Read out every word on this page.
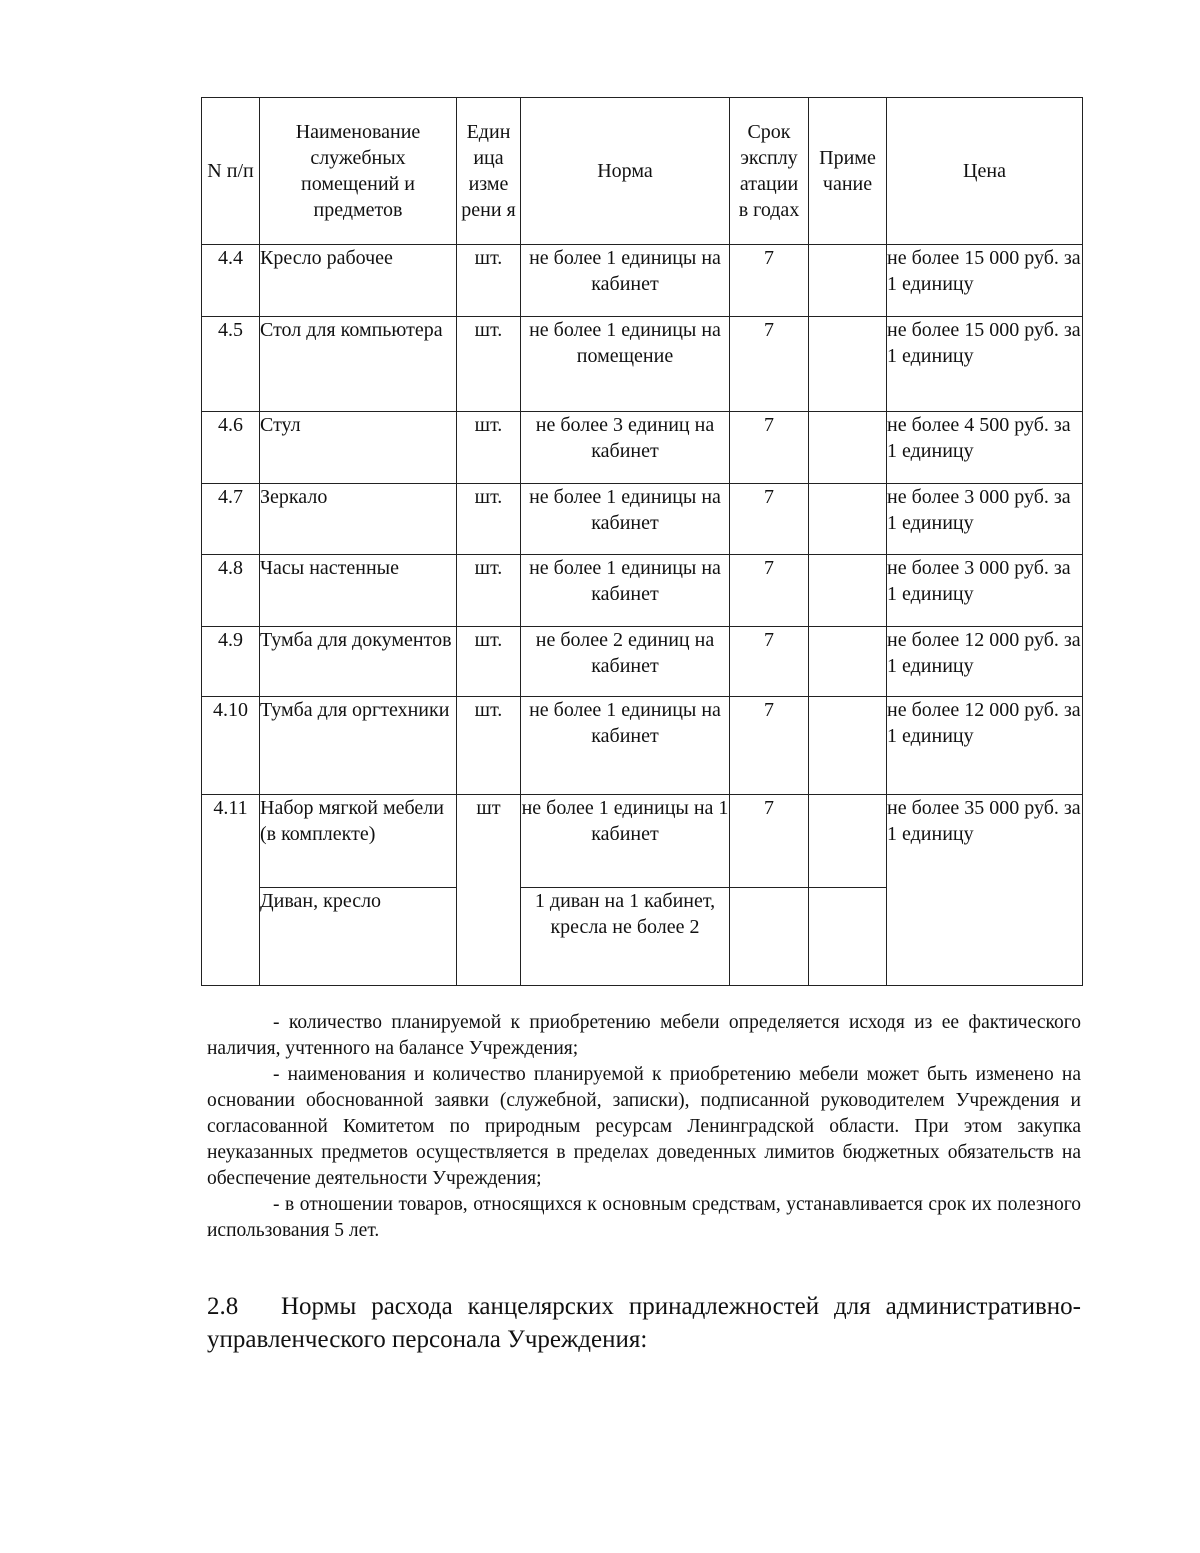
N п/п	Наименование служебных помещений и предметов	Един ица изме рени я	Норма	Срок эксплу атации в годах	Приме чание	Цена
4.4	Кресло рабочее	шт.	не более 1 единицы на кабинет	7		не более 15 000 руб. за 1 единицу
4.5	Стол для компьютера	шт.	не более 1 единицы на помещение	7		не более 15 000 руб. за 1 единицу
4.6	Стул	шт.	не более 3 единиц на кабинет	7		не более 4 500 руб. за 1 единицу
4.7	Зеркало	шт.	не более 1 единицы на кабинет	7		не более 3 000 руб. за 1 единицу
4.8	Часы настенные	шт.	не более 1 единицы на кабинет	7		не более 3 000 руб. за 1 единицу
4.9	Тумба для документов	шт.	не более 2 единиц на кабинет	7		не более 12 000 руб. за 1 единицу
4.10	Тумба для оргтехники	шт.	не более 1 единицы на кабинет	7		не более 12 000 руб. за 1 единицу
4.11	Набор мягкой мебели (в комплекте)	шт	не более 1 единицы на 1 кабинет	7		не более 35 000 руб. за 1 единицу
	Диван, кресло		1 диван на 1 кабинет, кресла не более 2			

- количество планируемой к приобретению мебели определяется исходя из ее фактического наличия, учтенного на балансе Учреждения;

- наименования и количество планируемой к приобретению мебели может быть изменено на основании обоснованной заявки (служебной, записки), подписанной руководителем Учреждения и согласованной Комитетом по природным ресурсам Ленинградской области. При этом закупка неуказанных предметов осуществляется в пределах доведенных лимитов бюджетных обязательств на обеспечение деятельности Учреждения;

- в отношении товаров, относящихся к основным средствам, устанавливается срок их полезного использования 5 лет.

2.8 Нормы расхода канцелярских принадлежностей для административно-управленческого персонала Учреждения:
